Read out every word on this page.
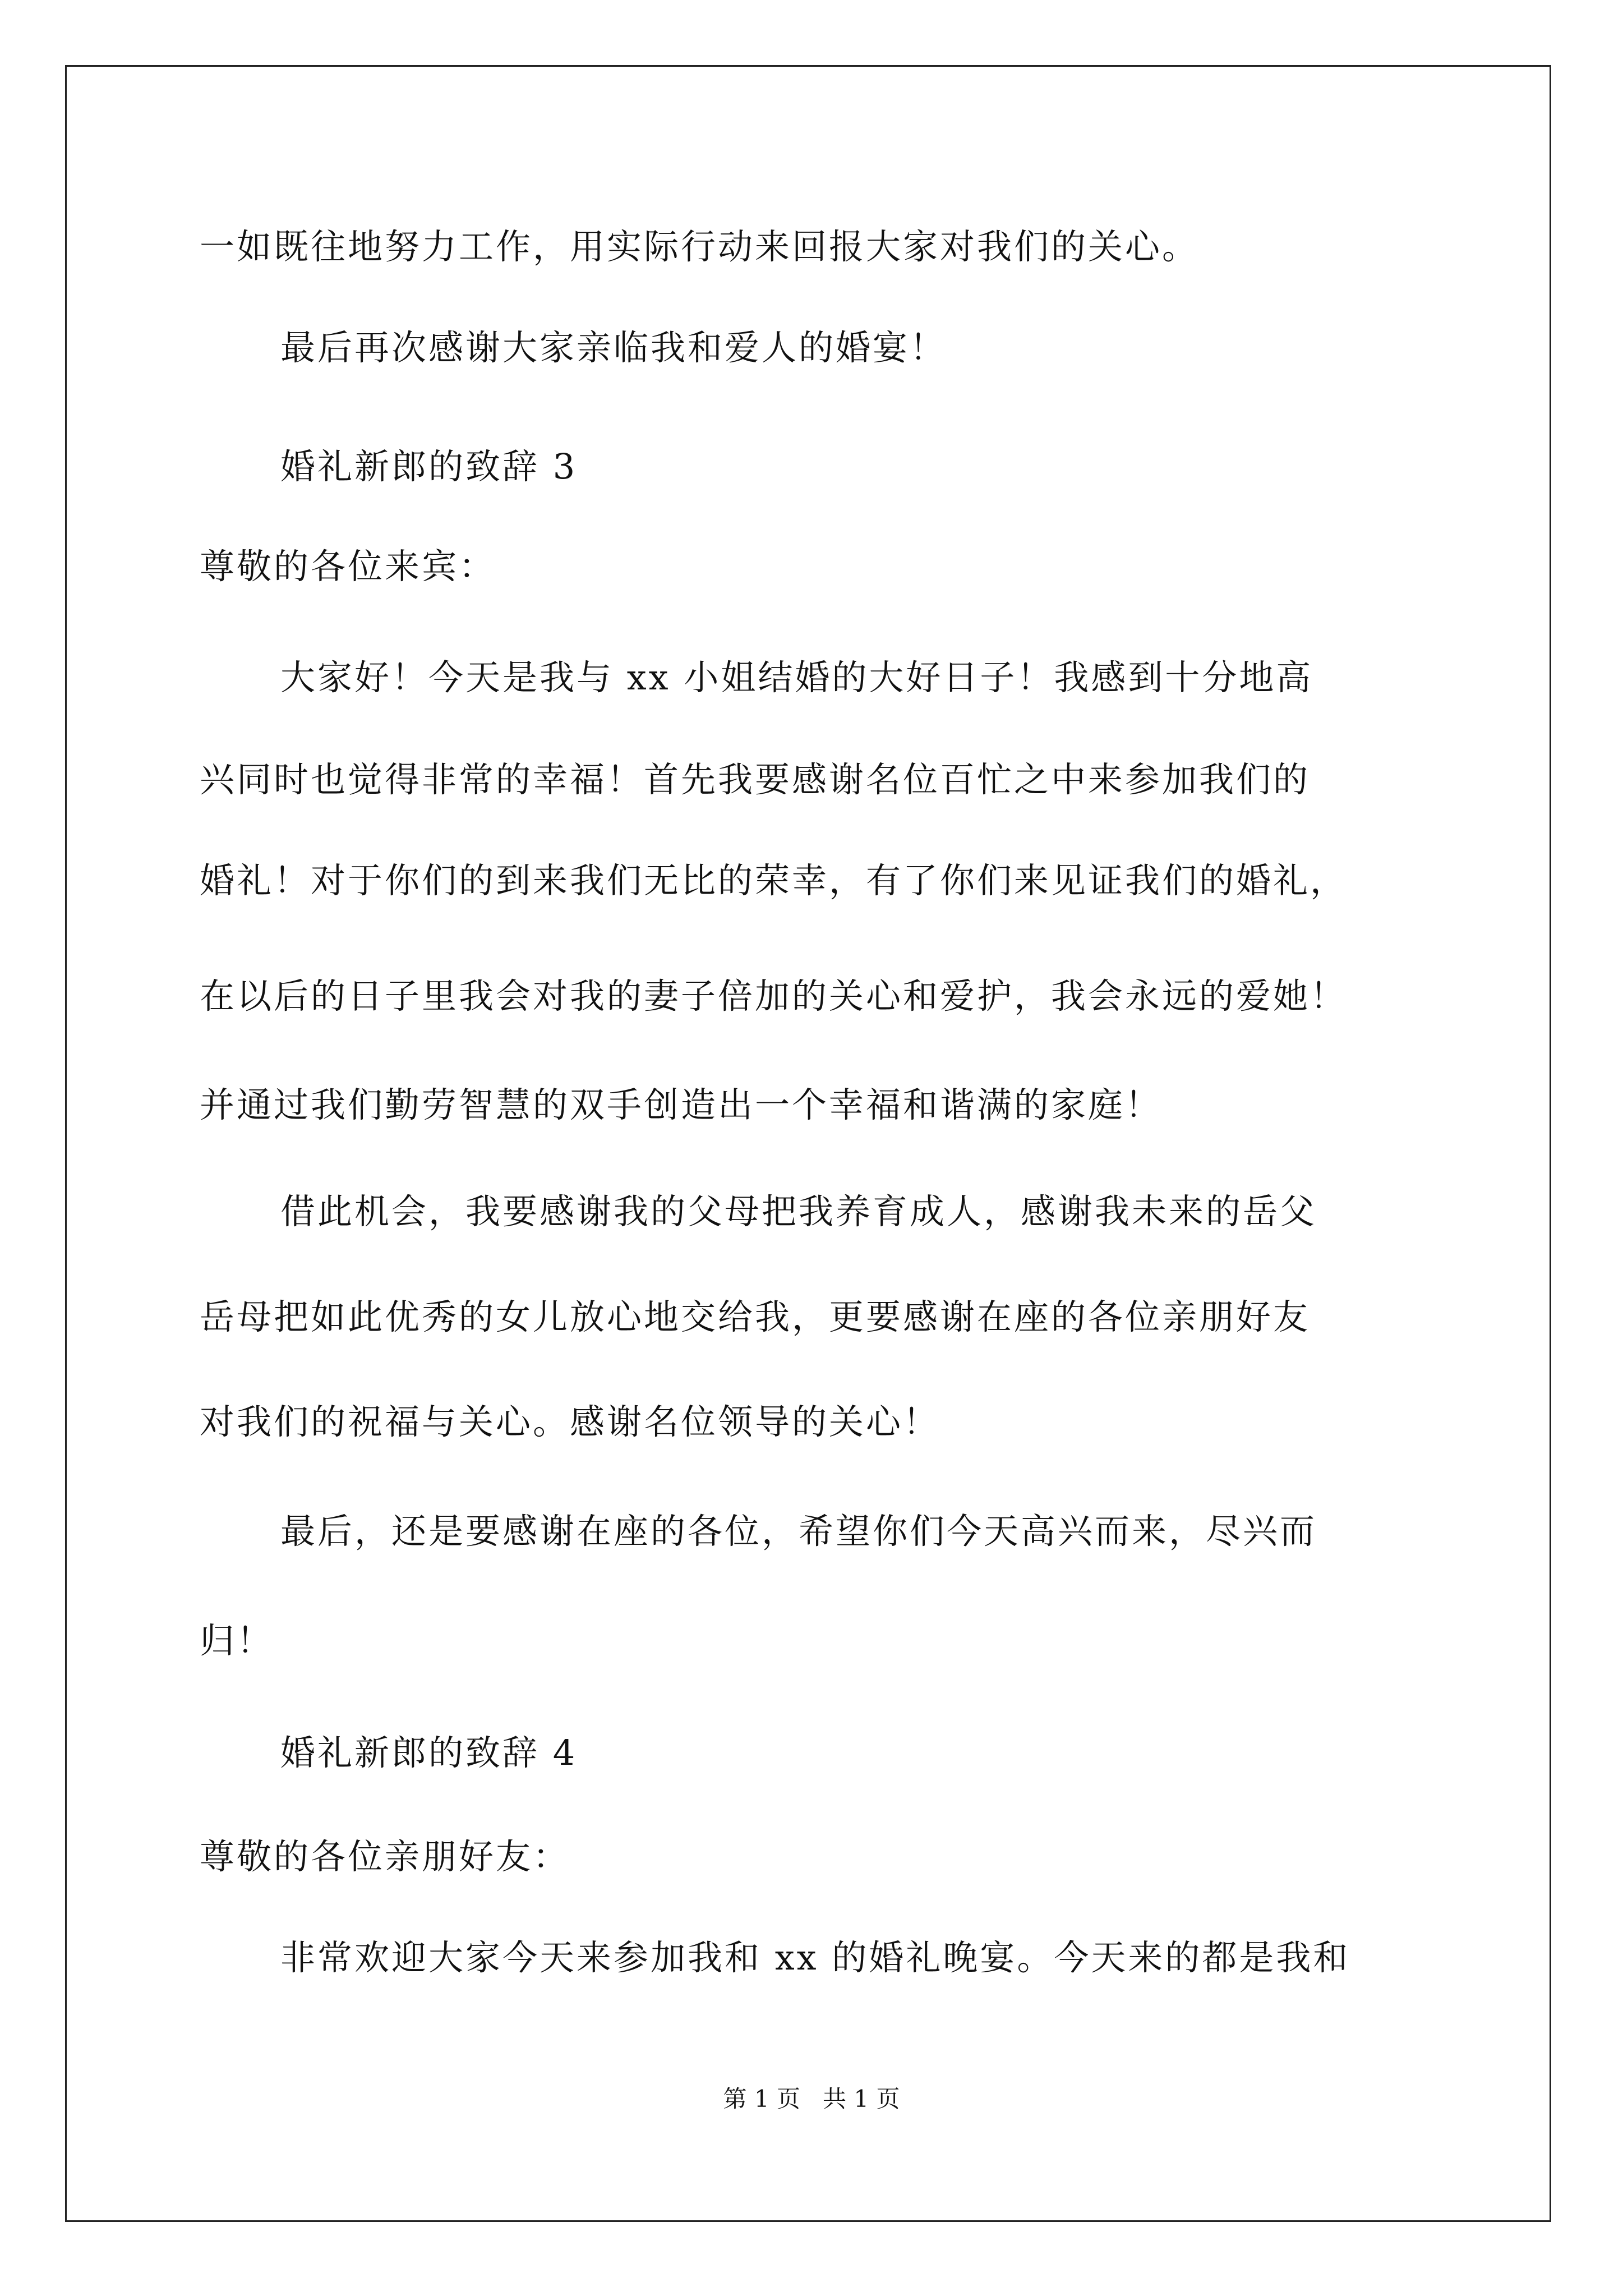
一如既往地努力工作，用实际行动来回报大家对我们的关心。
最后再次感谢大家亲临我和爱人的婚宴！
婚礼新郎的致辞 3
尊敬的各位来宾：
大家好！今天是我与 xx 小姐结婚的大好日子！我感到十分地高
兴同时也觉得非常的幸福！首先我要感谢名位百忙之中来参加我们的
婚礼！对于你们的到来我们无比的荣幸，有了你们来见证我们的婚礼，
在以后的日子里我会对我的妻子倍加的关心和爱护，我会永远的爱她！
并通过我们勤劳智慧的双手创造出一个幸福和谐满的家庭！
借此机会，我要感谢我的父母把我养育成人，感谢我未来的岳父
岳母把如此优秀的女儿放心地交给我，更要感谢在座的各位亲朋好友
对我们的祝福与关心。感谢名位领导的关心！
最后，还是要感谢在座的各位，希望你们今天高兴而来，尽兴而
归！
婚礼新郎的致辞 4
尊敬的各位亲朋好友：
非常欢迎大家今天来参加我和 xx 的婚礼晚宴。今天来的都是我和
第 1 页   共 1 页
